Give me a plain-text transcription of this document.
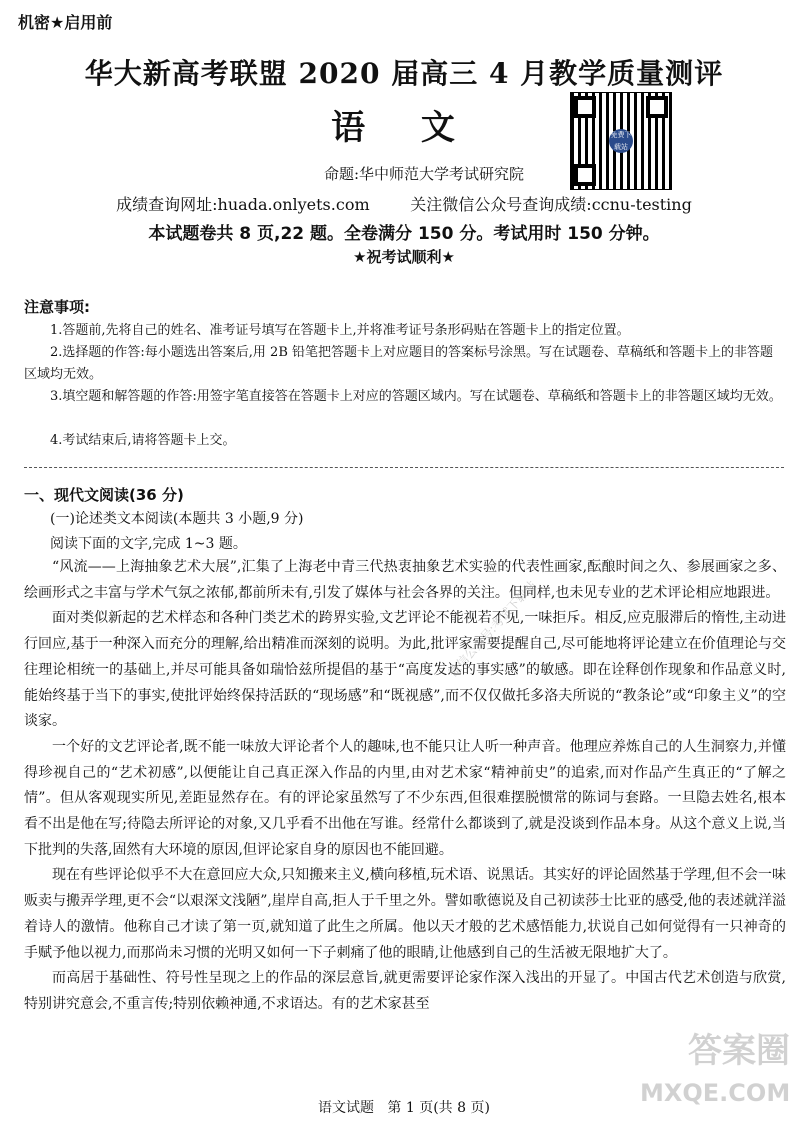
机密★启用前
华大新高考联盟 2020 届高三 4 月教学质量测评
语 文	免费下载站
命题:华中师范大学考试研究院
成绩查询网址:huada.onlyets.com        关注微信公众号查询成绩:ccnu-testing
本试题卷共 8 页,22 题。全卷满分 150 分。考试用时 150 分钟。
★祝考试顺利★
注意事项:
1.答题前,先将自己的姓名、准考证号填写在答题卡上,并将准考证号条形码贴在答题卡上的指定位置。
2.选择题的作答:每小题选出答案后,用 2B 铅笔把答题卡上对应题目的答案标号涂黑。写在试题卷、草稿纸和答题卡上的非答题区域均无效。
3.填空题和解答题的作答:用签字笔直接答在答题卡上对应的答题区域内。写在试题卷、草稿纸和答题卡上的非答题区域均无效。
4.考试结束后,请将答题卡上交。
一、现代文阅读(36 分)
(一)论述类文本阅读(本题共 3 小题,9 分)
阅读下面的文字,完成 1~3 题。

“风流——上海抽象艺术大展”,汇集了上海老中青三代热衷抽象艺术实验的代表性画家,酝酿时间之久、参展画家之多、绘画形式之丰富与学术气氛之浓郁,都前所未有,引发了媒体与社会各界的关注。但同样,也未见专业的艺术评论相应地跟进。

面对类似新起的艺术样态和各种门类艺术的跨界实验,文艺评论不能视若不见,一味拒斥。相反,应克服滞后的惰性,主动进行回应,基于一种深入而充分的理解,给出精准而深刻的说明。为此,批评家需要提醒自己,尽可能地将评论建立在价值理论与交往理论相统一的基础上,并尽可能具备如瑞恰兹所提倡的基于“高度发达的事实感”的敏感。即在诠释创作现象和作品意义时,能始终基于当下的事实,使批评始终保持活跃的“现场感”和“既视感”,而不仅仅做托多洛夫所说的“教条论”或“印象主义”的空谈家。

一个好的文艺评论者,既不能一味放大评论者个人的趣味,也不能只让人听一种声音。他理应养炼自己的人生洞察力,并懂得珍视自己的“艺术初感”,以便能让自己真正深入作品的内里,由对艺术家“精神前史”的追索,而对作品产生真正的“了解之情”。但从客观现实所见,差距显然存在。有的评论家虽然写了不少东西,但很难摆脱惯常的陈词与套路。一旦隐去姓名,根本看不出是他在写;待隐去所评论的对象,又几乎看不出他在写谁。经常什么都谈到了,就是没谈到作品本身。从这个意义上说,当下批判的失落,固然有大环境的原因,但评论家自身的原因也不能回避。

现在有些评论似乎不大在意回应大众,只知搬来主义,横向移植,玩术语、说黑话。其实好的评论固然基于学理,但不会一味贩卖与搬弄学理,更不会“以艰深文浅陋”,崖岸自高,拒人于千里之外。譬如歌德说及自己初读莎士比亚的感受,他的表述就洋溢着诗人的激情。他称自己才读了第一页,就知道了此生之所属。他以天才般的艺术感悟能力,状说自己如何觉得有一只神奇的手赋予他以视力,而那尚未习惯的光明又如何一下子刺痛了他的眼睛,让他感到自己的生活被无限地扩大了。

而高居于基础性、符号性呈现之上的作品的深层意旨,就更需要评论家作深入浅出的开显了。中国古代艺术创造与欣赏,特别讲究意会,不重言传;特别依赖神通,不求语达。有的艺术家甚至

微信公众号:考试下载站
答案圈
MXQE.COM
语文试题   第 1 页(共 8 页)
